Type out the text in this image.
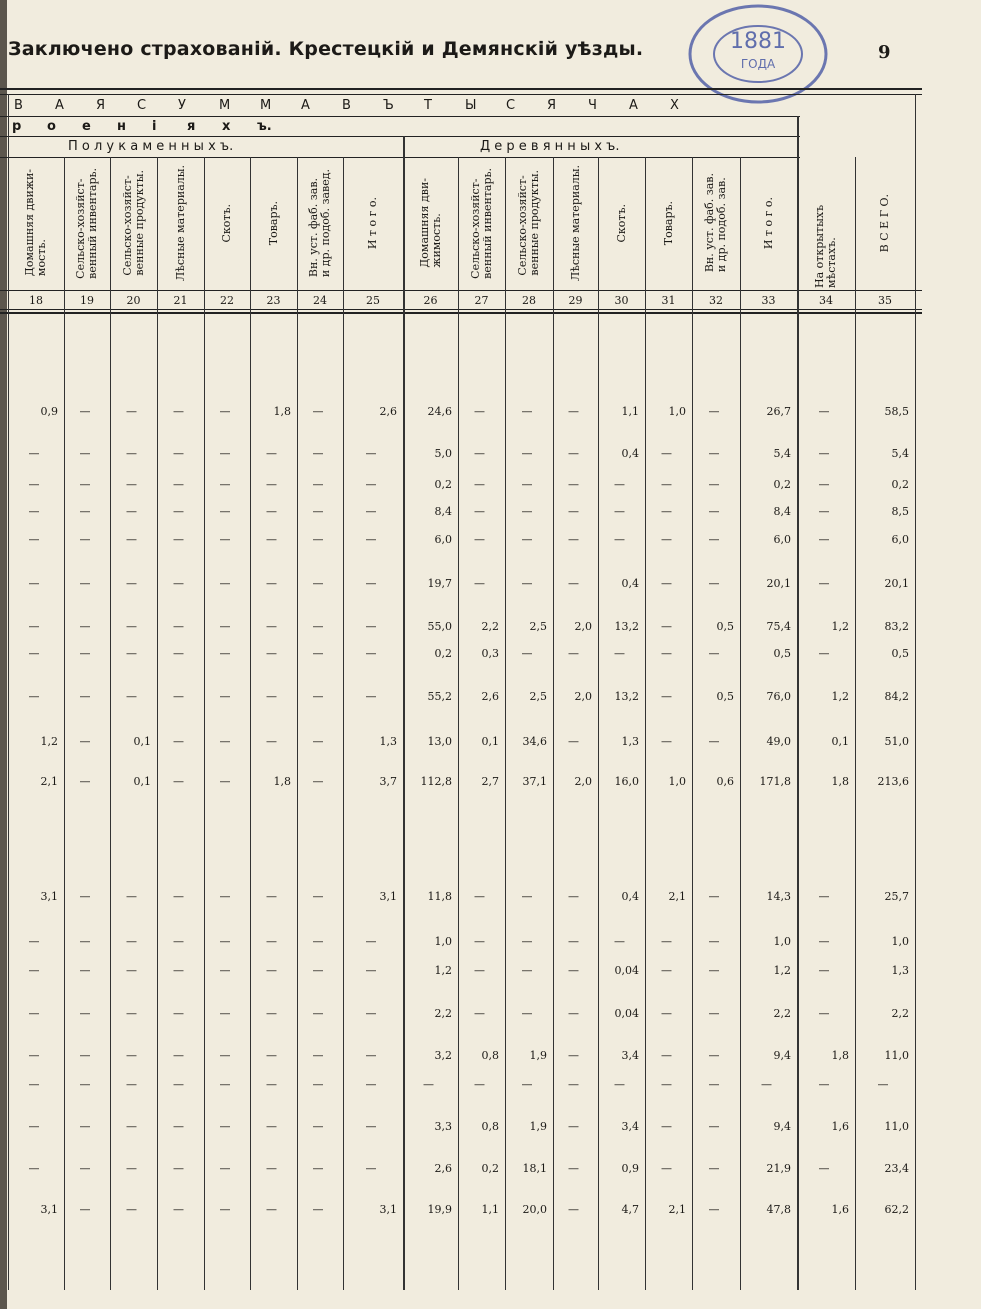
Заключено страхованій. Крестецкій и Демянскій уѣзды.	9
1881
ГОДА
В А Я С У	М М А В Ъ Т	Ы С Я Ч А Х
р о е н і я х ъ.
П о л у к а м е н н ы х ъ.	Д е р е в я н н ы х ъ.
Домашняя движи-
мость.
18
Сельско-хозяйст-
венный инвентарь.
19
Сельско-хозяйст-
венные продукты.
20
Лѣсные материалы.
21
Скотъ.
22
Товаръ.
23
Вн. уст. фаб. зав.
и др. подоб. завед.
24
И т о г о.
25
Домашняя дви-
жимость.
26
Сельско-хозяйст-
венный инвентарь.
27
Сельско-хозяйст-
венные продукты.
28
Лѣсные материалы.
29
Скотъ.
30
Товаръ.
31
Вн. уст. фаб. зав.
и др. подоб. зав.
32
И т о г о.
33
На открытыхъ мѣстахъ.
34
В С Е Г О.
35
0,9	—	—	—	—	1,8	—	2,6	24,6	—	—	—	1,1	1,0	—	26,7	—	58,5
—	—	—	—	—	—	—	—	5,0	—	—	—	0,4	—	—	5,4	—	5,4
—	—	—	—	—	—	—	—	0,2	—	—	—	—	—	—	0,2	—	0,2
—	—	—	—	—	—	—	—	8,4	—	—	—	—	—	—	8,4	—	8,5
—	—	—	—	—	—	—	—	6,0	—	—	—	—	—	—	6,0	—	6,0
—	—	—	—	—	—	—	—	19,7	—	—	—	0,4	—	—	20,1	—	20,1
—	—	—	—	—	—	—	—	55,0	2,2	2,5	2,0	13,2	—	0,5	75,4	1,2	83,2
—	—	—	—	—	—	—	—	0,2	0,3	—	—	—	—	—	0,5	—	0,5
—	—	—	—	—	—	—	—	55,2	2,6	2,5	2,0	13,2	—	0,5	76,0	1,2	84,2
1,2	—	0,1	—	—	—	—	1,3	13,0	0,1	34,6	—	1,3	—	—	49,0	0,1	51,0
2,1	—	0,1	—	—	1,8	—	3,7	112,8	2,7	37,1	2,0	16,0	1,0	0,6	171,8	1,8	213,6
3,1	—	—	—	—	—	—	3,1	11,8	—	—	—	0,4	2,1	—	14,3	—	25,7
—	—	—	—	—	—	—	—	1,0	—	—	—	—	—	—	1,0	—	1,0
—	—	—	—	—	—	—	—	1,2	—	—	—	0,04	—	—	1,2	—	1,3
—	—	—	—	—	—	—	—	2,2	—	—	—	0,04	—	—	2,2	—	2,2
—	—	—	—	—	—	—	—	3,2	0,8	1,9	—	3,4	—	—	9,4	1,8	11,0
—	—	—	—	—	—	—	—	—	—	—	—	—	—	—	—	—	—
—	—	—	—	—	—	—	—	3,3	0,8	1,9	—	3,4	—	—	9,4	1,6	11,0
—	—	—	—	—	—	—	—	2,6	0,2	18,1	—	0,9	—	—	21,9	—	23,4
3,1	—	—	—	—	—	—	3,1	19,9	1,1	20,0	—	4,7	2,1	—	47,8	1,6	62,2
